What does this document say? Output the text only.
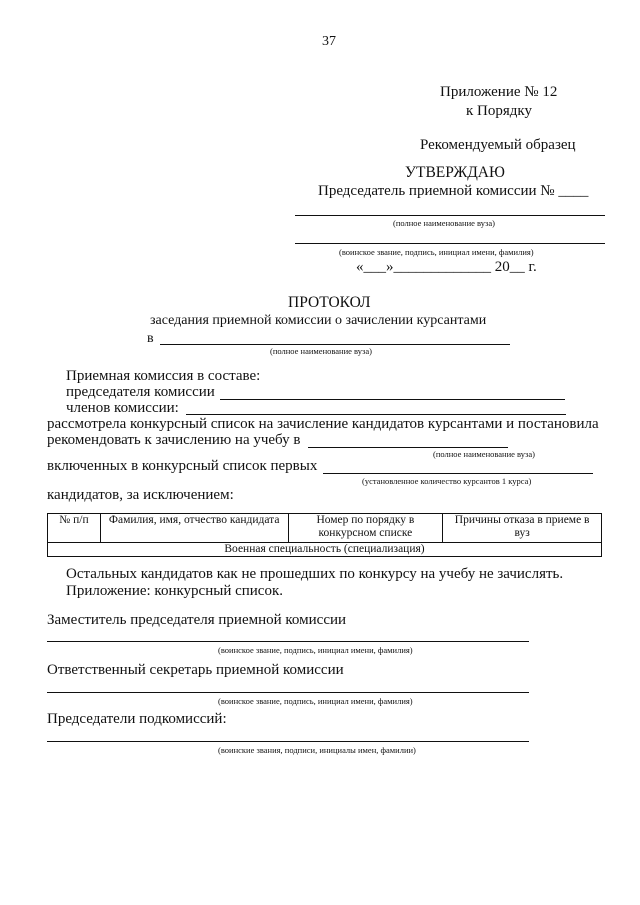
37
Приложение № 12
к Порядку
Рекомендуемый образец
УТВЕРЖДАЮ
Председатель приемной комиссии № ____
(полное наименование вуза)
(воинское звание, подпись, инициал имени, фамилия)
«___»_____________ 20__ г.
ПРОТОКОЛ
заседания приемной комиссии о зачислении курсантами
в
(полное наименование вуза)
Приемная комиссия в составе:
председателя комиссии
членов комиссии:
рассмотрела конкурсный список на зачисление кандидатов курсантами и постановила
рекомендовать к зачислению на учебу в
(полное наименование вуза)
включенных в конкурсный список первых
(установленное количество курсантов 1 курса)
кандидатов, за исключением:
№ п/п	Фамилия, имя, отчество кандидата	Номер по порядку в конкурсном списке	Причины отказа в приеме в вуз
Военная специальность (специализация)
Остальных кандидатов как не прошедших по конкурсу на учебу не зачислять.
Приложение: конкурсный список.
Заместитель председателя приемной комиссии
(воинское звание, подпись, инициал имени, фамилия)
Ответственный секретарь приемной комиссии
(воинское звание, подпись, инициал имени, фамилия)
Председатели подкомиссий:
(воинские звания, подписи, инициалы имен, фамилии)
